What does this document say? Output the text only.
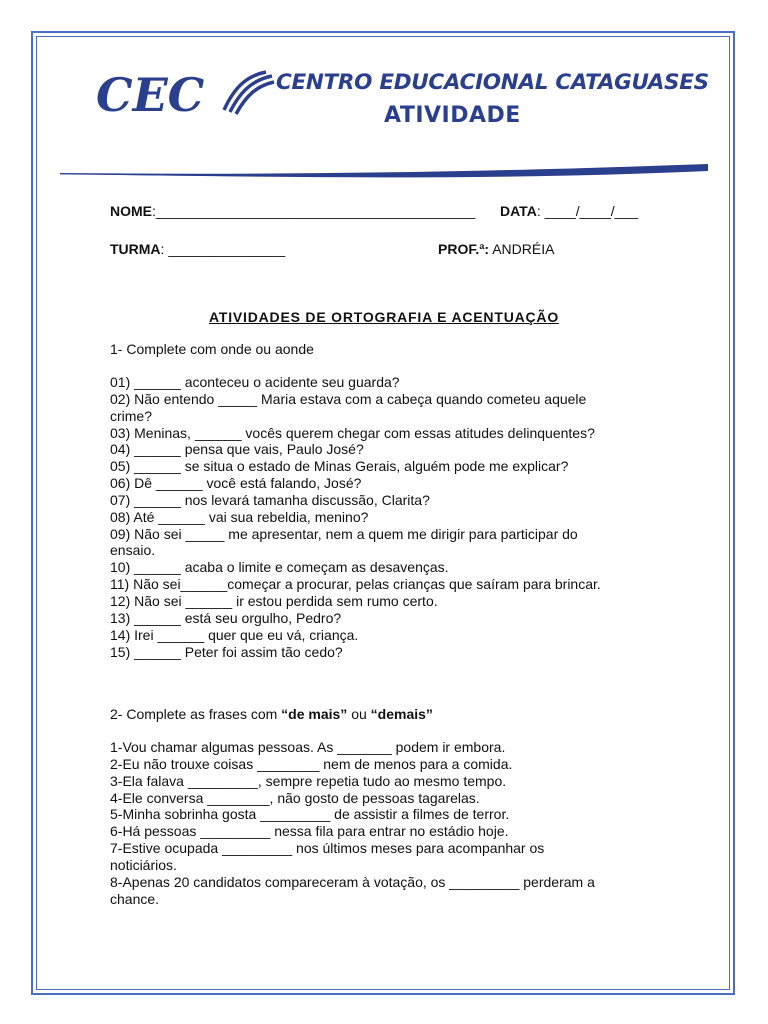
CEC	CENTRO EDUCACIONAL CATAGUASES
ATIVIDADE
NOME:_________________________________________ DATA: ____/____/___
TURMA: _______________	PROF.ª: ANDRÉIA
ATIVIDADES DE ORTOGRAFIA E ACENTUAÇÃO
1- Complete com onde ou aonde
01) ______ aconteceu o acidente seu guarda?
02) Não entendo _____ Maria estava com a cabeça quando cometeu aquele
crime?
03) Meninas, ______ vocês querem chegar com essas atitudes delinquentes?
04) ______ pensa que vais, Paulo José?
05) ______ se situa o estado de Minas Gerais, alguém pode me explicar?
06) Dê ______ você está falando, José?
07) ______ nos levará tamanha discussão, Clarita?
08) Até ______ vai sua rebeldia, menino?
09) Não sei _____ me apresentar, nem a quem me dirigir para participar do
ensaio.
10) ______ acaba o limite e começam as desavenças.
11) Não sei______começar a procurar, pelas crianças que saíram para brincar.
12) Não sei ______ ir estou perdida sem rumo certo.
13) ______ está seu orgulho, Pedro?
14) Irei ______ quer que eu vá, criança.
15) ______ Peter foi assim tão cedo?
2- Complete as frases com “de mais” ou “demais”
1-Vou chamar algumas pessoas. As _______ podem ir embora.
2-Eu não trouxe coisas ________ nem de menos para a comida.
3-Ela falava _________, sempre repetia tudo ao mesmo tempo.
4-Ele conversa ________, não gosto de pessoas tagarelas.
5-Minha sobrinha gosta _________ de assistir a filmes de terror.
6-Há pessoas _________ nessa fila para entrar no estádio hoje.
7-Estive ocupada _________ nos últimos meses para acompanhar os
noticiários.
8-Apenas 20 candidatos compareceram à votação, os _________ perderam a
chance.
